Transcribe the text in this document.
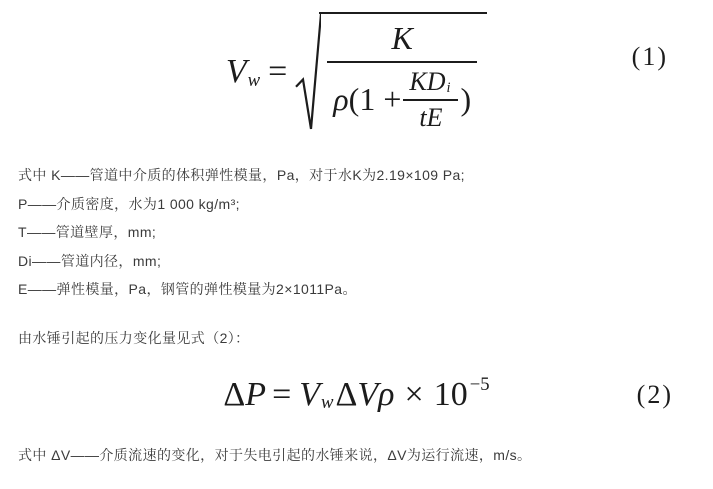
V w =
K
ρ ($1 + \frac{\text{KD i}}{tE}$ )
(1)
式中 K——管道中介质的体积弹性模量，Pa，对于水K为2.19×109 Pa;
P——介质密度，水为1 000 kg/m³;
T——管道壁厚，mm;
Di——管道内径，mm;
E——弹性模量，Pa，钢管的弹性模量为2×1011Pa。
由水锤引起的压力变化量见式（2）：
Δ P = V w Δ V ρ × 10 −5	(2)
式中 ΔV——介质流速的变化，对于失电引起的水锤来说，ΔV为运行流速，m/s。
